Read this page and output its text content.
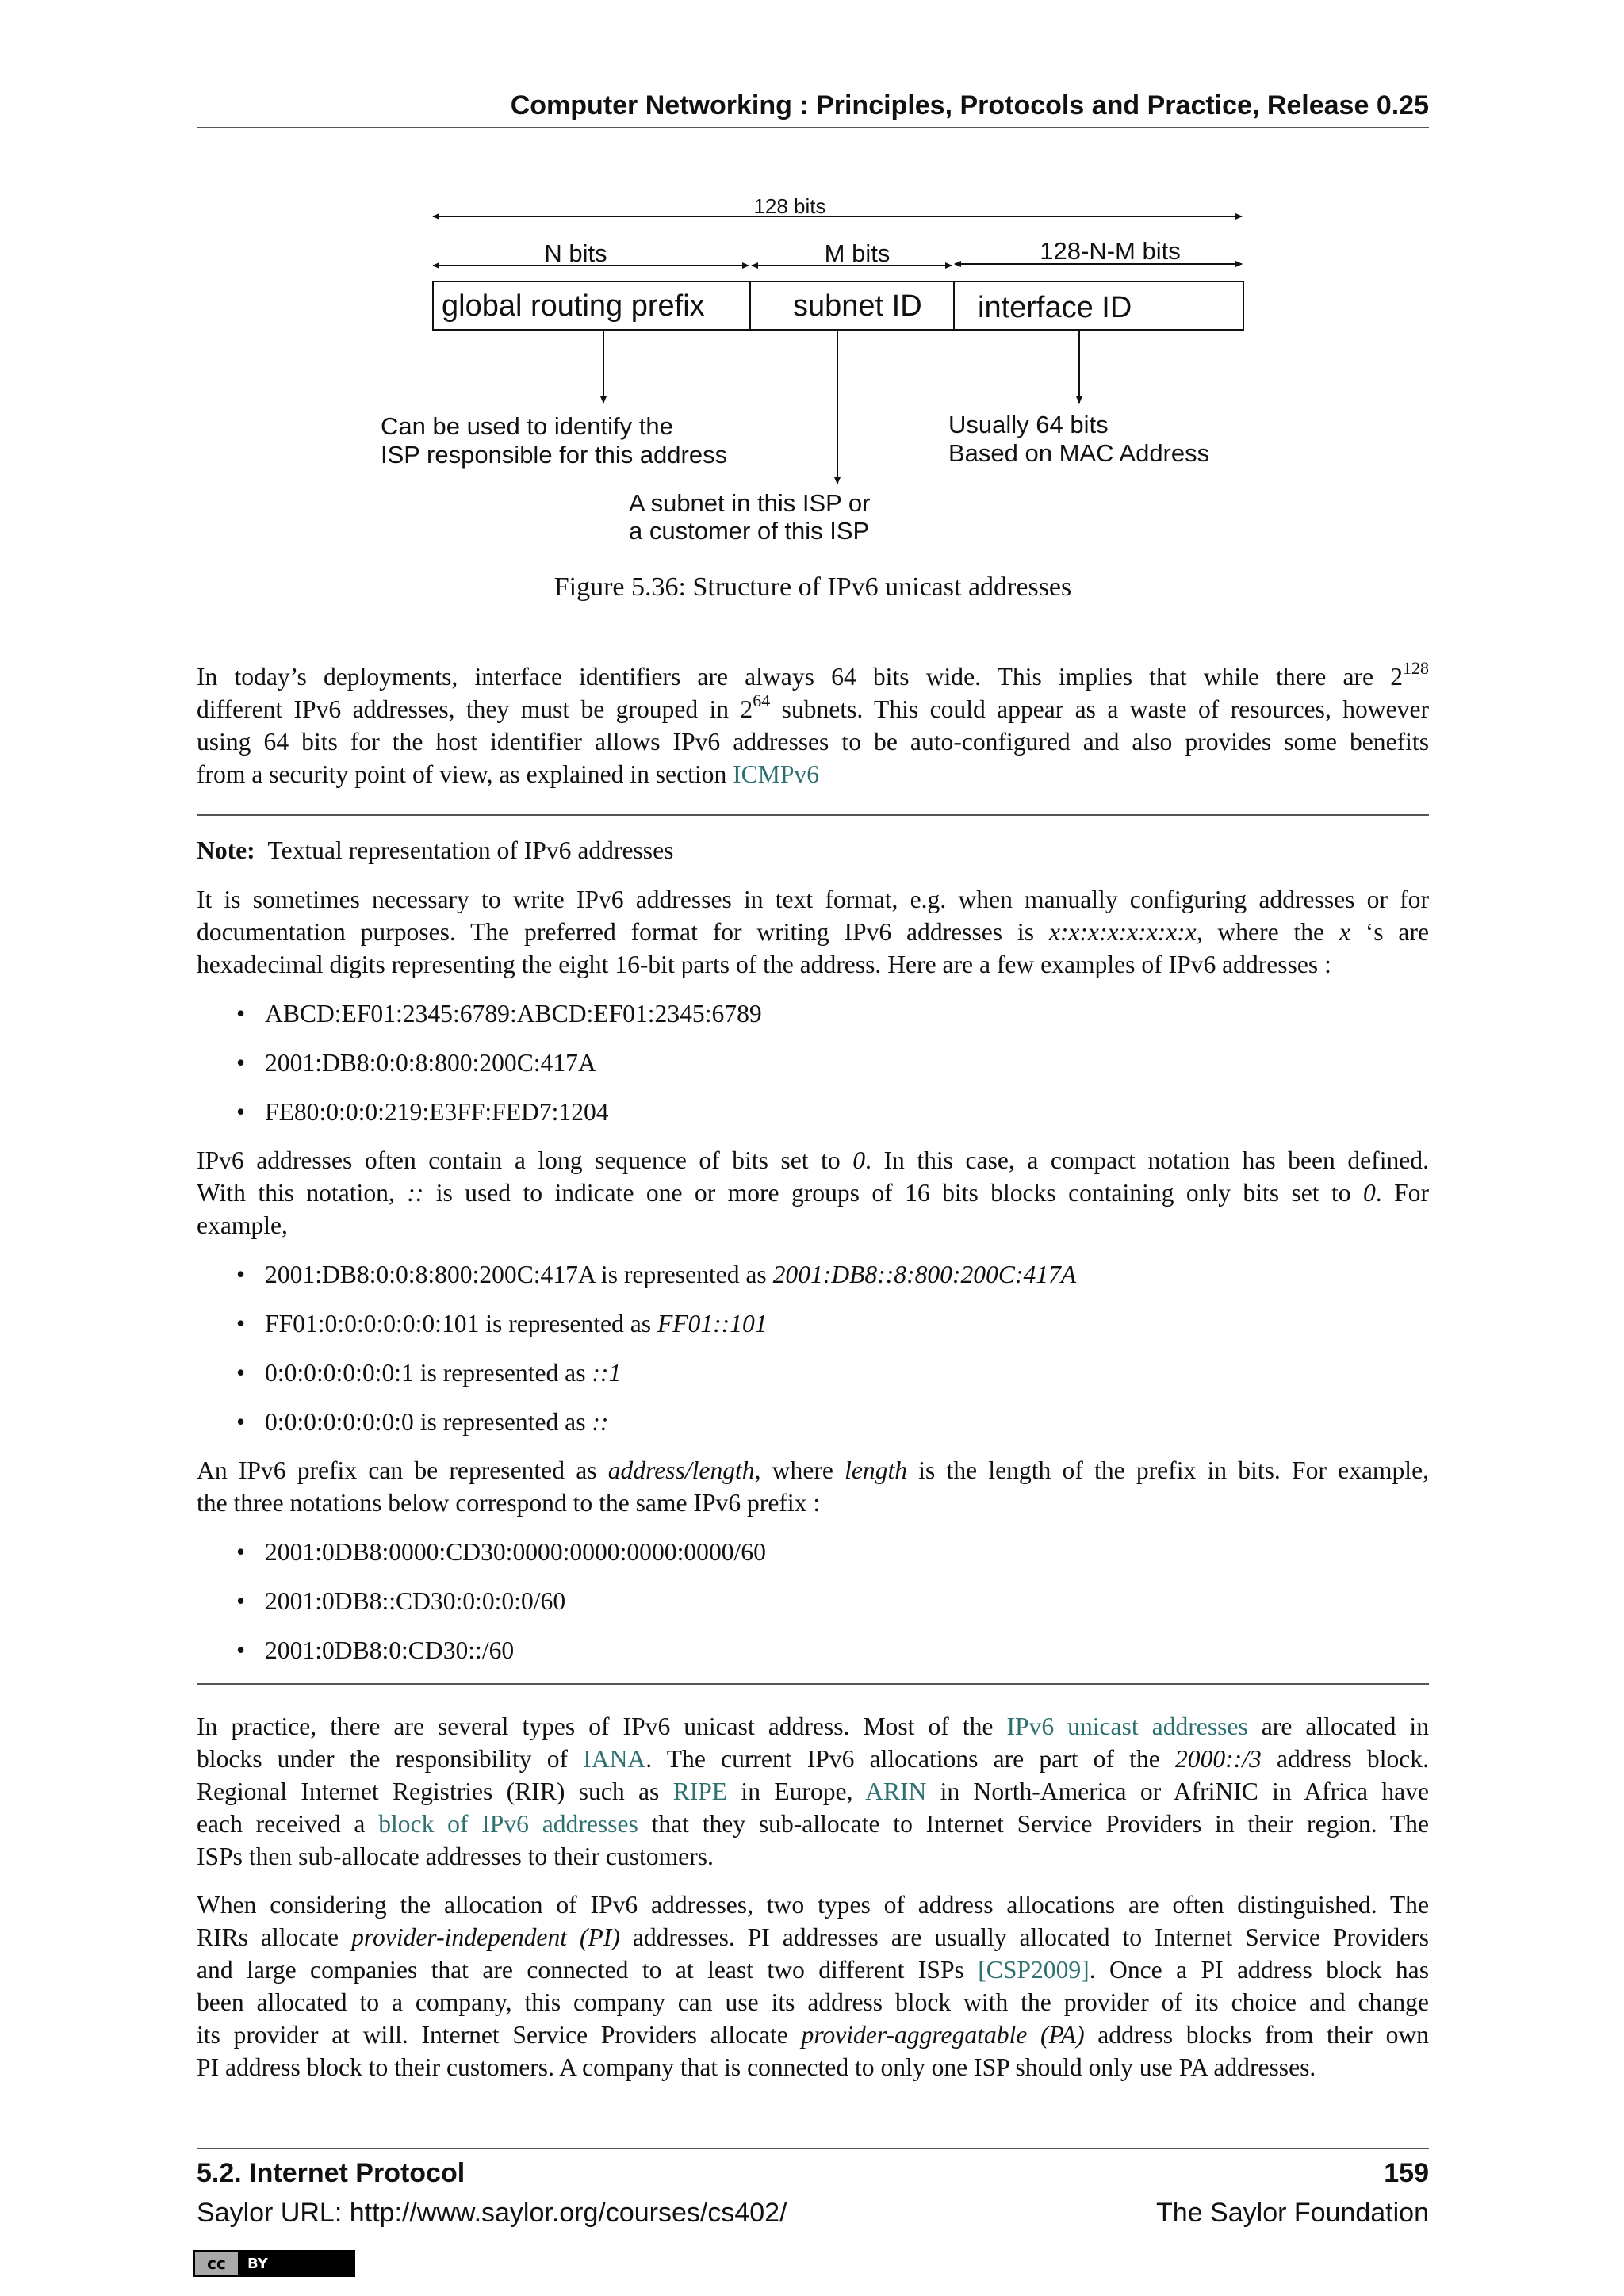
Computer Networking : Principles, Protocols and Practice, Release 0.25
128 bits
N bits	M bits	128-N-M bits
global routing prefix	subnet ID interface ID
Can be used to identify the
ISP responsible for this address
Usually 64 bits
Based on MAC Address
A subnet in this ISP or
a customer of this ISP
Figure 5.36: Structure of IPv6 unicast addresses
In today’s deployments, interface identifiers are always 64 bits wide. This implies that while there are $2^{128}$
different IPv6 addresses, they must be grouped in $2^{64}$ subnets. This could appear as a waste of resources, however
using 64 bits for the host identifier allows IPv6 addresses to be auto-configured and also provides some benefits
from a security point of view, as explained in section ICMPv6
Note: Textual representation of IPv6 addresses
It is sometimes necessary to write IPv6 addresses in text format, e.g. when manually configuring addresses or for
documentation purposes. The preferred format for writing IPv6 addresses is x:x:x:x:x:x:x:x, where the x ‘s are
hexadecimal digits representing the eight 16-bit parts of the address. Here are a few examples of IPv6 addresses :
• ABCD:EF01:2345:6789:ABCD:EF01:2345:6789
• 2001:DB8:0:0:8:800:200C:417A
• FE80:0:0:0:219:E3FF:FED7:1204
IPv6 addresses often contain a long sequence of bits set to 0. In this case, a compact notation has been defined.
With this notation, :: is used to indicate one or more groups of 16 bits blocks containing only bits set to 0. For
example,
• 2001:DB8:0:0:8:800:200C:417A is represented as 2001:DB8::8:800:200C:417A
• FF01:0:0:0:0:0:0:101 is represented as FF01::101
• 0:0:0:0:0:0:0:1 is represented as ::1
• 0:0:0:0:0:0:0:0 is represented as ::
An IPv6 prefix can be represented as address/length, where length is the length of the prefix in bits. For example,
the three notations below correspond to the same IPv6 prefix :
• 2001:0DB8:0000:CD30:0000:0000:0000:0000/60
• 2001:0DB8::CD30:0:0:0:0/60
• 2001:0DB8:0:CD30::/60
In practice, there are several types of IPv6 unicast address. Most of the IPv6 unicast addresses are allocated in
blocks under the responsibility of IANA. The current IPv6 allocations are part of the 2000::/3 address block.
Regional Internet Registries (RIR) such as RIPE in Europe, ARIN in North-America or AfriNIC in Africa have
each received a block of IPv6 addresses that they sub-allocate to Internet Service Providers in their region. The
ISPs then sub-allocate addresses to their customers.
When considering the allocation of IPv6 addresses, two types of address allocations are often distinguished. The
RIRs allocate provider-independent (PI) addresses. PI addresses are usually allocated to Internet Service Providers
and large companies that are connected to at least two different ISPs [CSP2009]. Once a PI address block has
been allocated to a company, this company can use its address block with the provider of its choice and change
its provider at will. Internet Service Providers allocate provider-aggregatable (PA) address blocks from their own
PI address block to their customers. A company that is connected to only one ISP should only use PA addresses.
5.2. Internet Protocol	159
Saylor URL: http://www.saylor.org/courses/cs402/	The Saylor Foundation
cc	BY
